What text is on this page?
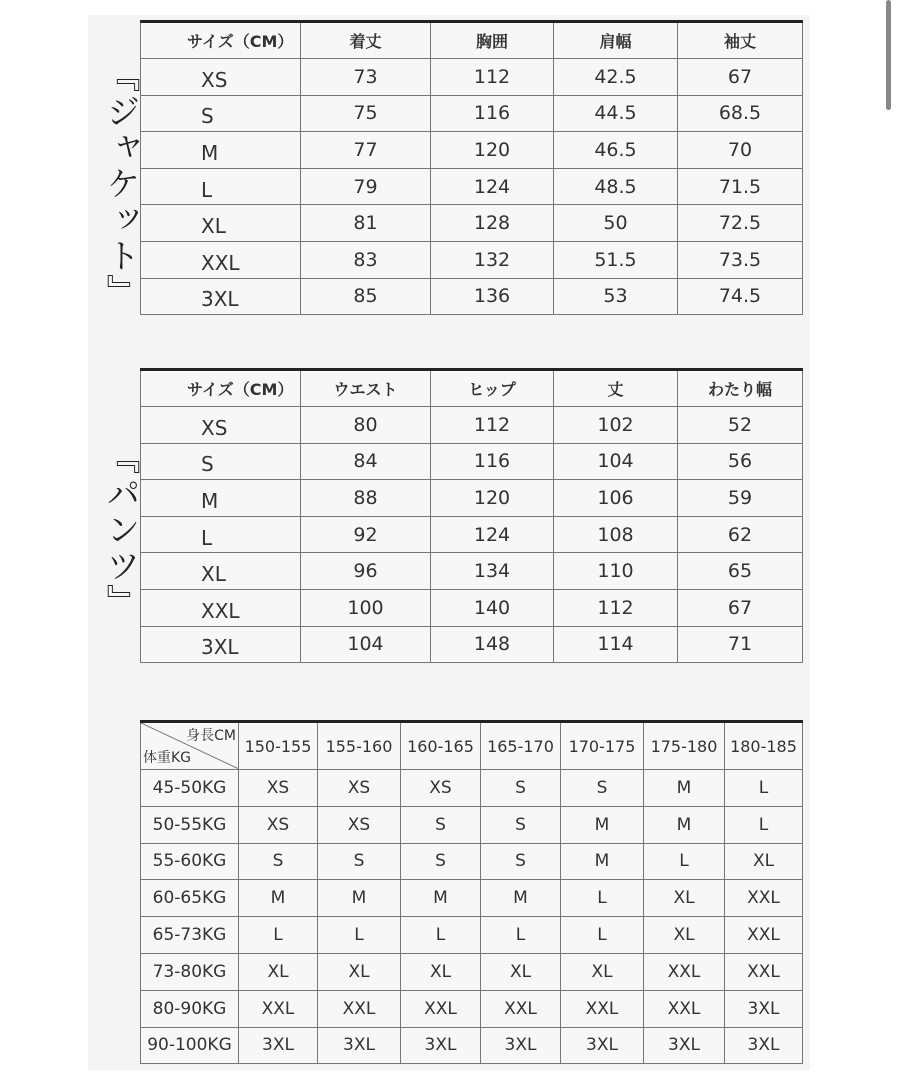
『ジャケット』
『パンツ』
サイズ（CM）	着丈	胸囲	肩幅	袖丈
XS	73	112	42.5	67
S	75	116	44.5	68.5
M	77	120	46.5	70
L	79	124	48.5	71.5
XL	81	128	50	72.5
XXL	83	132	51.5	73.5
3XL	85	136	53	74.5
サイズ（CM）	ウエスト	ヒップ	丈	わたり幅
XS	80	112	102	52
S	84	116	104	56
M	88	120	106	59
L	92	124	108	62
XL	96	134	110	65
XXL	100	140	112	67
3XL	104	148	114	71
身長CM
体重KG	150-155	155-160	160-165	165-170	170-175	175-180	180-185
45-50KG	XS	XS	XS	S	S	M	L
50-55KG	XS	XS	S	S	M	M	L
55-60KG	S	S	S	S	M	L	XL
60-65KG	M	M	M	M	L	XL	XXL
65-73KG	L	L	L	L	L	XL	XXL
73-80KG	XL	XL	XL	XL	XL	XXL	XXL
80-90KG	XXL	XXL	XXL	XXL	XXL	XXL	3XL
90-100KG	3XL	3XL	3XL	3XL	3XL	3XL	3XL
